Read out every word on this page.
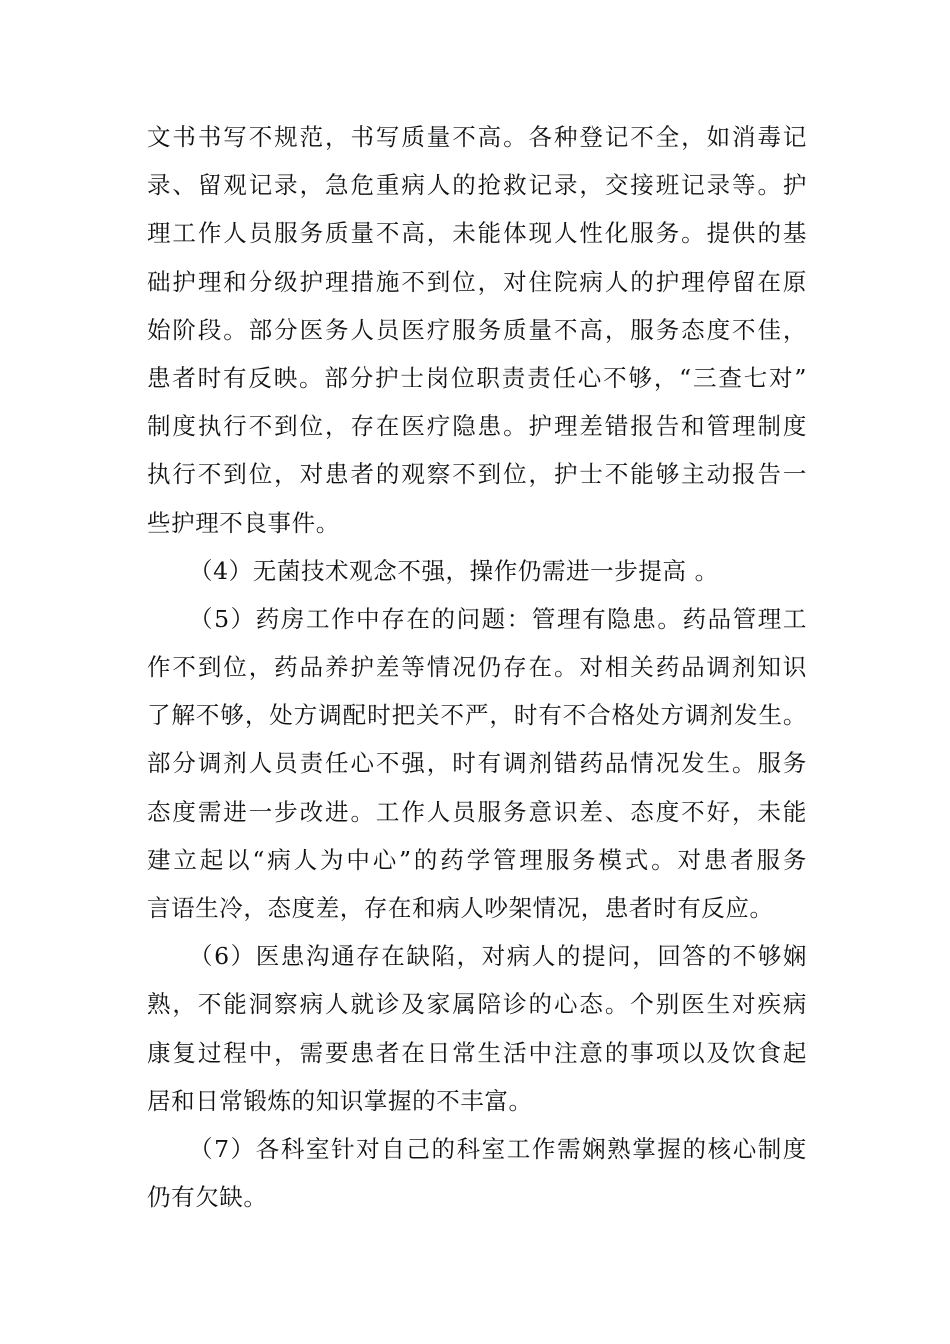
文书书写不规范，书写质量不高。各种登记不全，如消毒记
录、留观记录，急危重病人的抢救记录，交接班记录等。护
理工作人员服务质量不高，未能体现人性化服务。提供的基
础护理和分级护理措施不到位，对住院病人的护理停留在原
始阶段。部分医务人员医疗服务质量不高，服务态度不佳，
患者时有反映。部分护士岗位职责责任心不够，“三查七对”
制度执行不到位，存在医疗隐患。护理差错报告和管理制度
执行不到位，对患者的观察不到位，护士不能够主动报告一
些护理不良事件。
（4）无菌技术观念不强，操作仍需进一步提高 。
（5）药房工作中存在的问题：管理有隐患。药品管理工
作不到位，药品养护差等情况仍存在。对相关药品调剂知识
了解不够，处方调配时把关不严，时有不合格处方调剂发生。
部分调剂人员责任心不强，时有调剂错药品情况发生。服务
态度需进一步改进。工作人员服务意识差、态度不好，未能
建立起以“病人为中心”的药学管理服务模式。对患者服务
言语生冷，态度差，存在和病人吵架情况，患者时有反应。
（6）医患沟通存在缺陷，对病人的提问，回答的不够娴
熟，不能洞察病人就诊及家属陪诊的心态。个别医生对疾病
康复过程中，需要患者在日常生活中注意的事项以及饮食起
居和日常锻炼的知识掌握的不丰富。
（7）各科室针对自己的科室工作需娴熟掌握的核心制度
仍有欠缺。
